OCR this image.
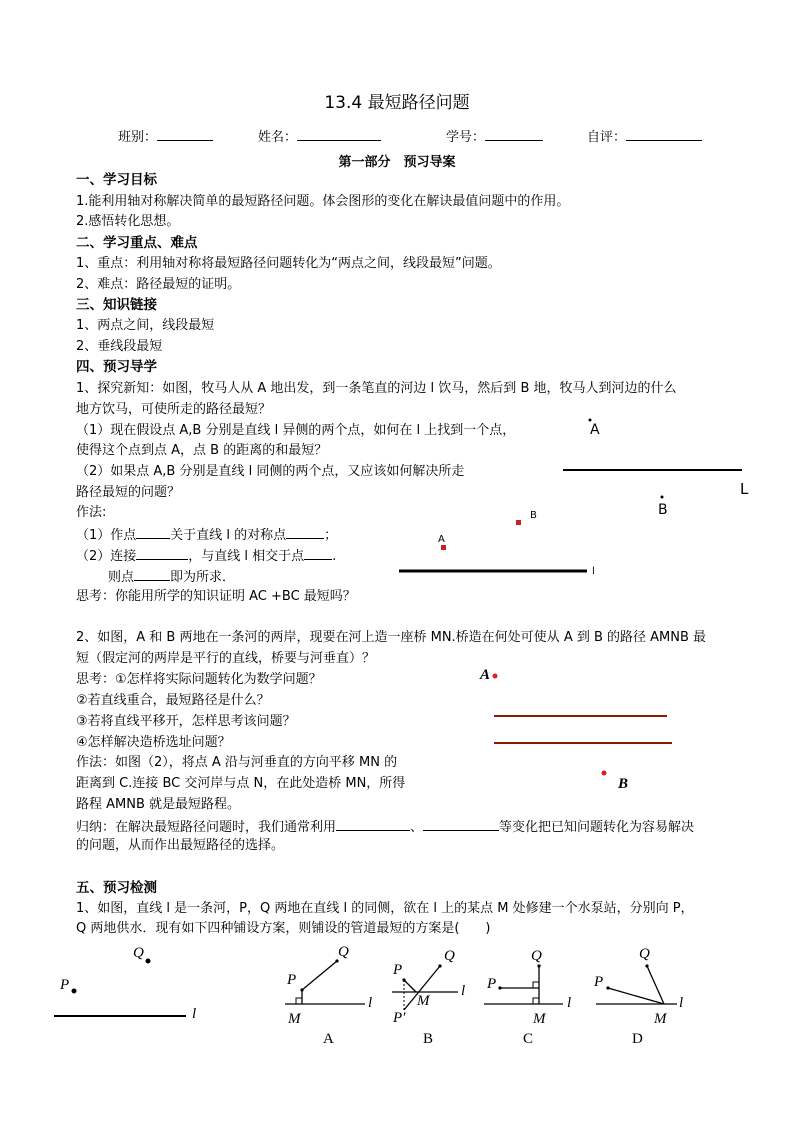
13.4 最短路径问题
班别：	姓名：	学号：	自评：
第一部分　预习导案
一、学习目标
1.能利用轴对称解决简单的最短路径问题。体会图形的变化在解诀最值问题中的作用。
2.感悟转化思想。
二、学习重点、难点
1、重点：利用轴对称将最短路径问题转化为“两点之间，线段最短”问题。
2、难点：路径最短的证明。
三、知识链接
1、两点之间，线段最短
2、垂线段最短
四、预习导学
1、探究新知：如图，牧马人从 A 地出发，到一条笔直的河边 l 饮马，然后到 B 地，牧马人到河边的什么
地方饮马，可使所走的路径最短？
（1）现在假设点 A,B 分别是直线 l 异侧的两个点，如何在 l 上找到一个点，
使得这个点到点 A，点 B 的距离的和最短？
（2）如果点 A,B 分别是直线 l 同侧的两个点，又应该如何解决所走
路径最短的问题？
作法:
（1）作点	关于直线 l 的对称点	；
（2）连接	，与直线 l 相交于点 .
则点	即为所求．
思考：你能用所学的知识证明 AC +BC 最短吗？
2、如图，A 和 B 两地在一条河的两岸，现要在河上造一座桥 MN.桥造在何处可使从 A 到 B 的路径 AMNB 最
短（假定河的两岸是平行的直线，桥要与河垂直）？
思考：①怎样将实际问题转化为数学问题？
②若直线重合，最短路径是什么？
③若将直线平移开，怎样思考该问题？
④怎样解决造桥选址问题？
作法：如图（2），将点 A 沿与河垂直的方向平移 MN 的
距离到 C.连接 BC 交河岸与点 N，在此处造桥 MN，所得
路程 AMNB 就是最短路程。
归纳：在解决最短路径问题时，我们通常利用	、	等变化把已知问题转化为容易解决
的问题，从而作出最短路径的选择。
五、预习检测
1、如图，直线 l 是一条河，P，Q 两地在直线 l 的同侧，欲在 l 上的某点 M 处修建一个水泵站，分别向 P，
Q 两地供水．现有如下四种铺设方案，则铺设的管道最短的方案是(　　)
A
B
L
B
A
l
A
B
Q
P
l
P
Q
l
M
A
P
Q
l
M
P′
B
P
Q
l
M
C
P
Q
l
M
D
